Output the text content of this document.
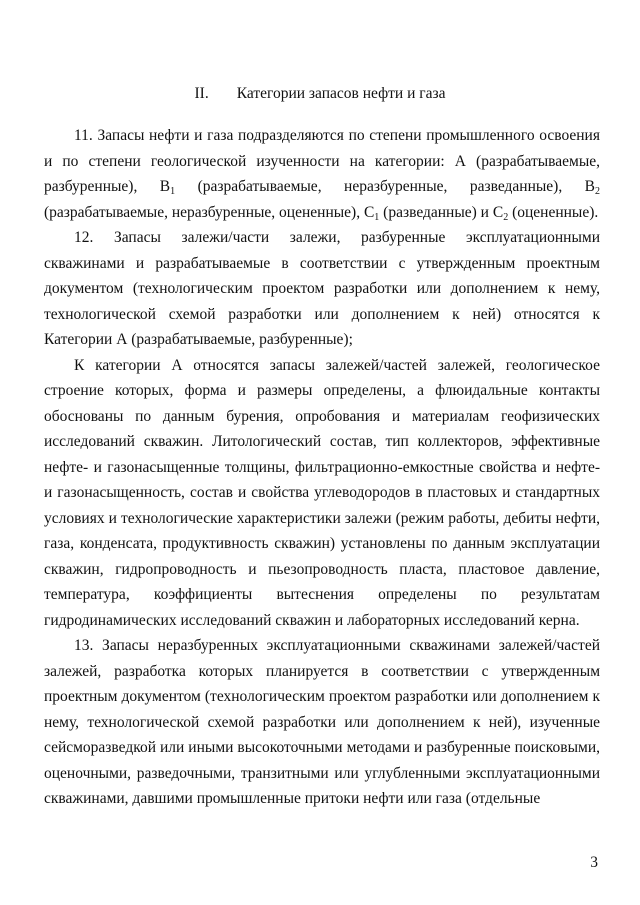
II. Категории запасов нефти и газа

11. Запасы нефти и газа подразделяются по степени промышленного освоения и по степени геологической изученности на категории: А (разрабатываемые, разбуренные), $B_1$ (разрабатываемые, неразбуренные, разведанные), $B_2$ (разрабатываемые, неразбуренные, оцененные), $C_1$ (разведанные) и $C_2$ (оцененные).

12. Запасы залежи/части залежи, разбуренные эксплуатационными скважинами и разрабатываемые в соответствии с утвержденным проектным документом (технологическим проектом разработки или дополнением к нему, технологической схемой разработки или дополнением к ней) относятся к Категории А (разрабатываемые, разбуренные);

К категории А относятся запасы залежей/частей залежей, геологическое строение которых, форма и размеры определены, а флюидальные контакты обоснованы по данным бурения, опробования и материалам геофизических исследований скважин. Литологический состав, тип коллекторов, эффективные нефте- и газонасыщенные толщины, фильтрационно-емкостные свойства и нефте- и газонасыщенность, состав и свойства углеводородов в пластовых и стандартных условиях и технологические характеристики залежи (режим работы, дебиты нефти, газа, конденсата, продуктивность скважин) установлены по данным эксплуатации скважин, гидропроводность и пьезопроводность пласта, пластовое давление, температура, коэффициенты вытеснения определены по результатам гидродинамических исследований скважин и лабораторных исследований керна.

13. Запасы неразбуренных эксплуатационными скважинами залежей/частей залежей, разработка которых планируется в соответствии с утвержденным проектным документом (технологическим проектом разработки или дополнением к нему, технологической схемой разработки или дополнением к ней), изученные сейсморазведкой или иными высокоточными методами и разбуренные поисковыми, оценочными, разведочными, транзитными или углубленными эксплуатационными скважинами, давшими промышленные притоки нефти или газа (отдельные

3
